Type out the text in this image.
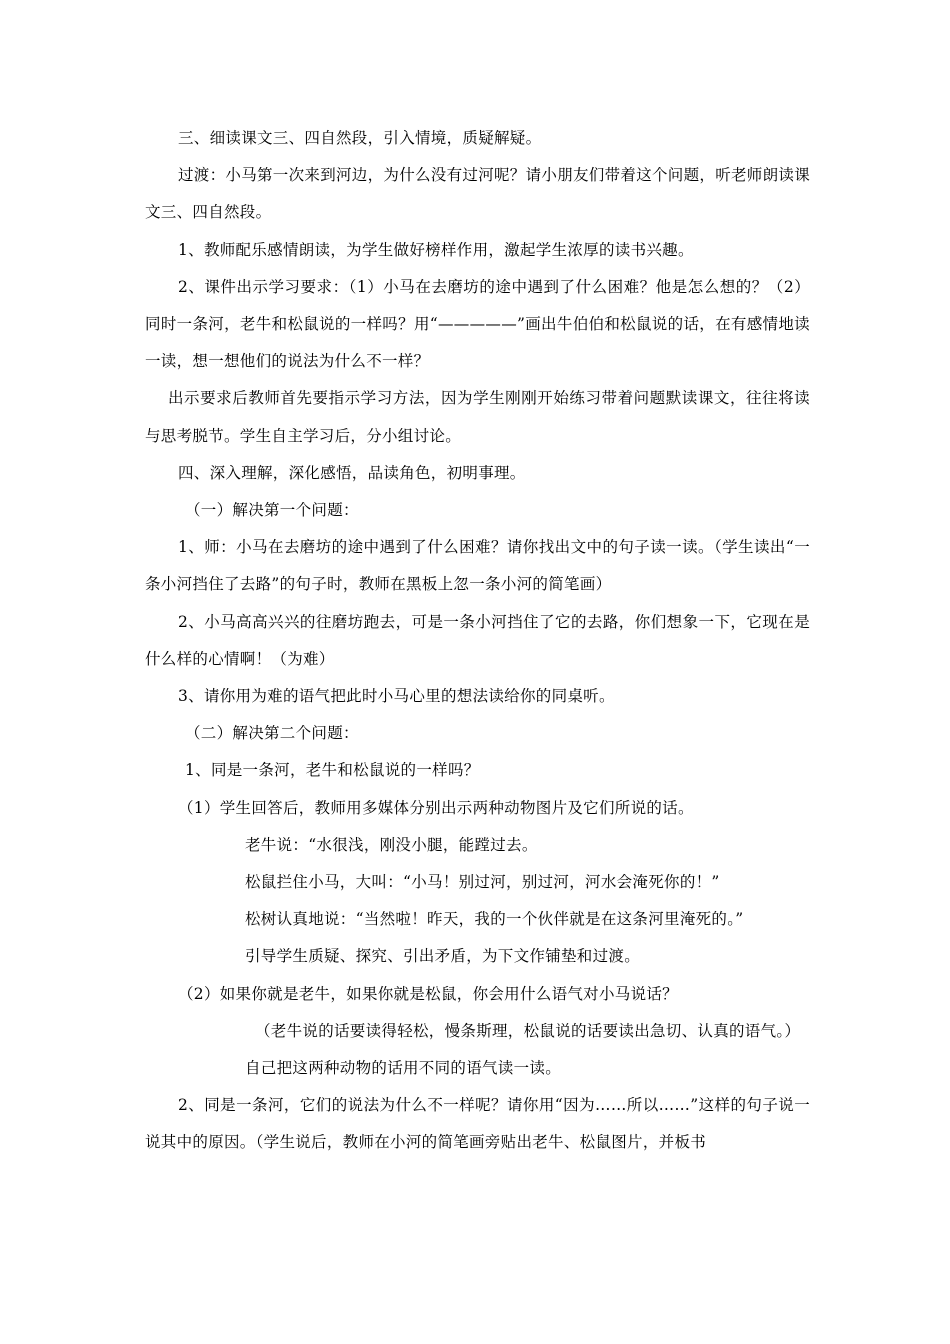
三、细读课文三、四自然段，引入情境，质疑解疑。

过渡：小马第一次来到河边，为什么没有过河呢？请小朋友们带着这个问题，听老师朗读课文三、四自然段。

1、教师配乐感情朗读，为学生做好榜样作用，激起学生浓厚的读书兴趣。

2、课件出示学习要求：（1）小马在去磨坊的途中遇到了什么困难？他是怎么想的？（2）同时一条河，老牛和松鼠说的一样吗？用“—————”画出牛伯伯和松鼠说的话，在有感情地读一读，想一想他们的说法为什么不一样？

出示要求后教师首先要指示学习方法，因为学生刚刚开始练习带着问题默读课文，往往将读与思考脱节。学生自主学习后，分小组讨论。

四、深入理解，深化感悟，品读角色，初明事理。

（一）解决第一个问题：

1、师：小马在去磨坊的途中遇到了什么困难？请你找出文中的句子读一读。（学生读出“一条小河挡住了去路”的句子时，教师在黑板上忽一条小河的简笔画）

2、小马高高兴兴的往磨坊跑去，可是一条小河挡住了它的去路，你们想象一下，它现在是什么样的心情啊！（为难）

3、请你用为难的语气把此时小马心里的想法读给你的同桌听。

（二）解决第二个问题：

1、同是一条河，老牛和松鼠说的一样吗？

（1）学生回答后，教师用多媒体分别出示两种动物图片及它们所说的话。

老牛说：“水很浅，刚没小腿，能蹚过去。

松鼠拦住小马，大叫：“小马！别过河，别过河，河水会淹死你的！”

松树认真地说：“当然啦！昨天，我的一个伙伴就是在这条河里淹死的。”

引导学生质疑、探究、引出矛盾，为下文作铺垫和过渡。

（2）如果你就是老牛，如果你就是松鼠，你会用什么语气对小马说话？

（老牛说的话要读得轻松，慢条斯理，松鼠说的话要读出急切、认真的语气。）

自己把这两种动物的话用不同的语气读一读。

2、同是一条河，它们的说法为什么不一样呢？请你用“因为……所以……”这样的句子说一说其中的原因。（学生说后，教师在小河的简笔画旁贴出老牛、松鼠图片，并板书
